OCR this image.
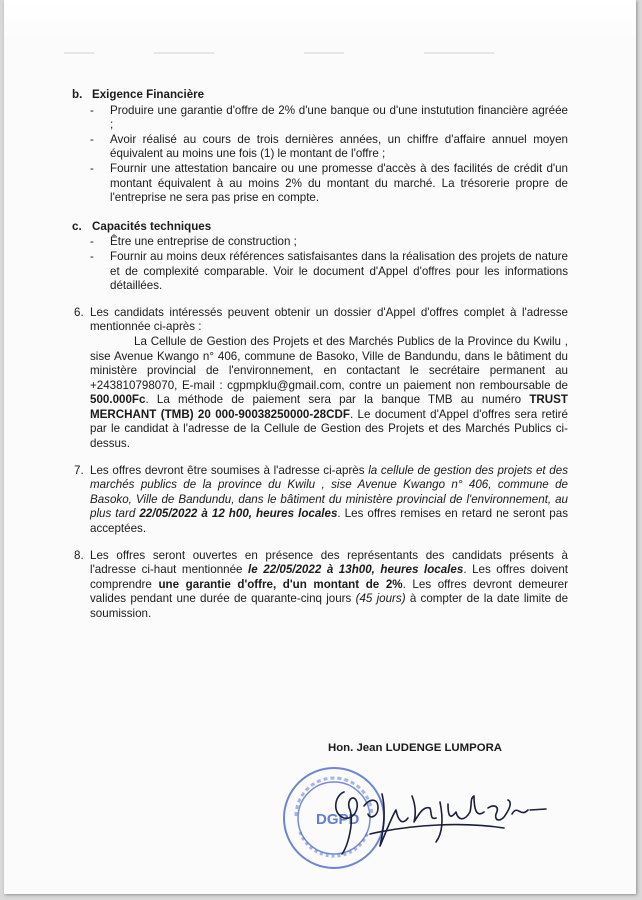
b. Exigence Financière
- Produire une garantie d'offre de 2% d'une banque ou d'une instutution financière agréée ;
- Avoir réalisé au cours de trois dernières années, un chiffre d'affaire annuel moyen équivalent au moins une fois (1) le montant de l'offre ;
- Fournir une attestation bancaire ou une promesse d'accès à des facilités de crédit d'un montant équivalent à au moins 2% du montant du marché. La trésorerie propre de l'entreprise ne sera pas prise en compte.
c. Capacités techniques
- Être une entreprise de construction ;
- Fournir au moins deux références satisfaisantes dans la réalisation des projets de nature et de complexité comparable. Voir le document d'Appel d'offres pour les informations détaillées.
6. Les candidats intéressés peuvent obtenir un dossier d'Appel d'offres complet à l'adresse mentionnée ci-après :
La Cellule de Gestion des Projets et des Marchés Publics de la Province du Kwilu , sise Avenue Kwango n° 406, commune de Basoko, Ville de Bandundu, dans le bâtiment du ministère provincial de l'environnement, en contactant le secrétaire permanent au +243810798070, E-mail : cgpmpklu@gmail.com, contre un paiement non remboursable de 500.000Fc. La méthode de paiement sera par la banque TMB au numéro TRUST MERCHANT (TMB) 20 000-90038250000-28CDF. Le document d'Appel d'offres sera retiré par le candidat à l'adresse de la Cellule de Gestion des Projets et des Marchés Publics ci-dessus.
7. Les offres devront être soumises à l'adresse ci-après la cellule de gestion des projets et des marchés publics de la province du Kwilu , sise Avenue Kwango n° 406, commune de Basoko, Ville de Bandundu, dans le bâtiment du ministère provincial de l'environnement, au plus tard 22/05/2022 à 12 h00, heures locales. Les offres remises en retard ne seront pas acceptées.
8. Les offres seront ouvertes en présence des représentants des candidats présents à l'adresse ci-haut mentionnée le 22/05/2022 à 13h00, heures locales. Les offres doivent comprendre une garantie d'offre, d'un montant de 2%. Les offres devront demeurer valides pendant une durée de quarante-cinq jours (45 jours) à compter de la date limite de soumission.
Hon. Jean LUDENGE LUMPORA
DGPD
